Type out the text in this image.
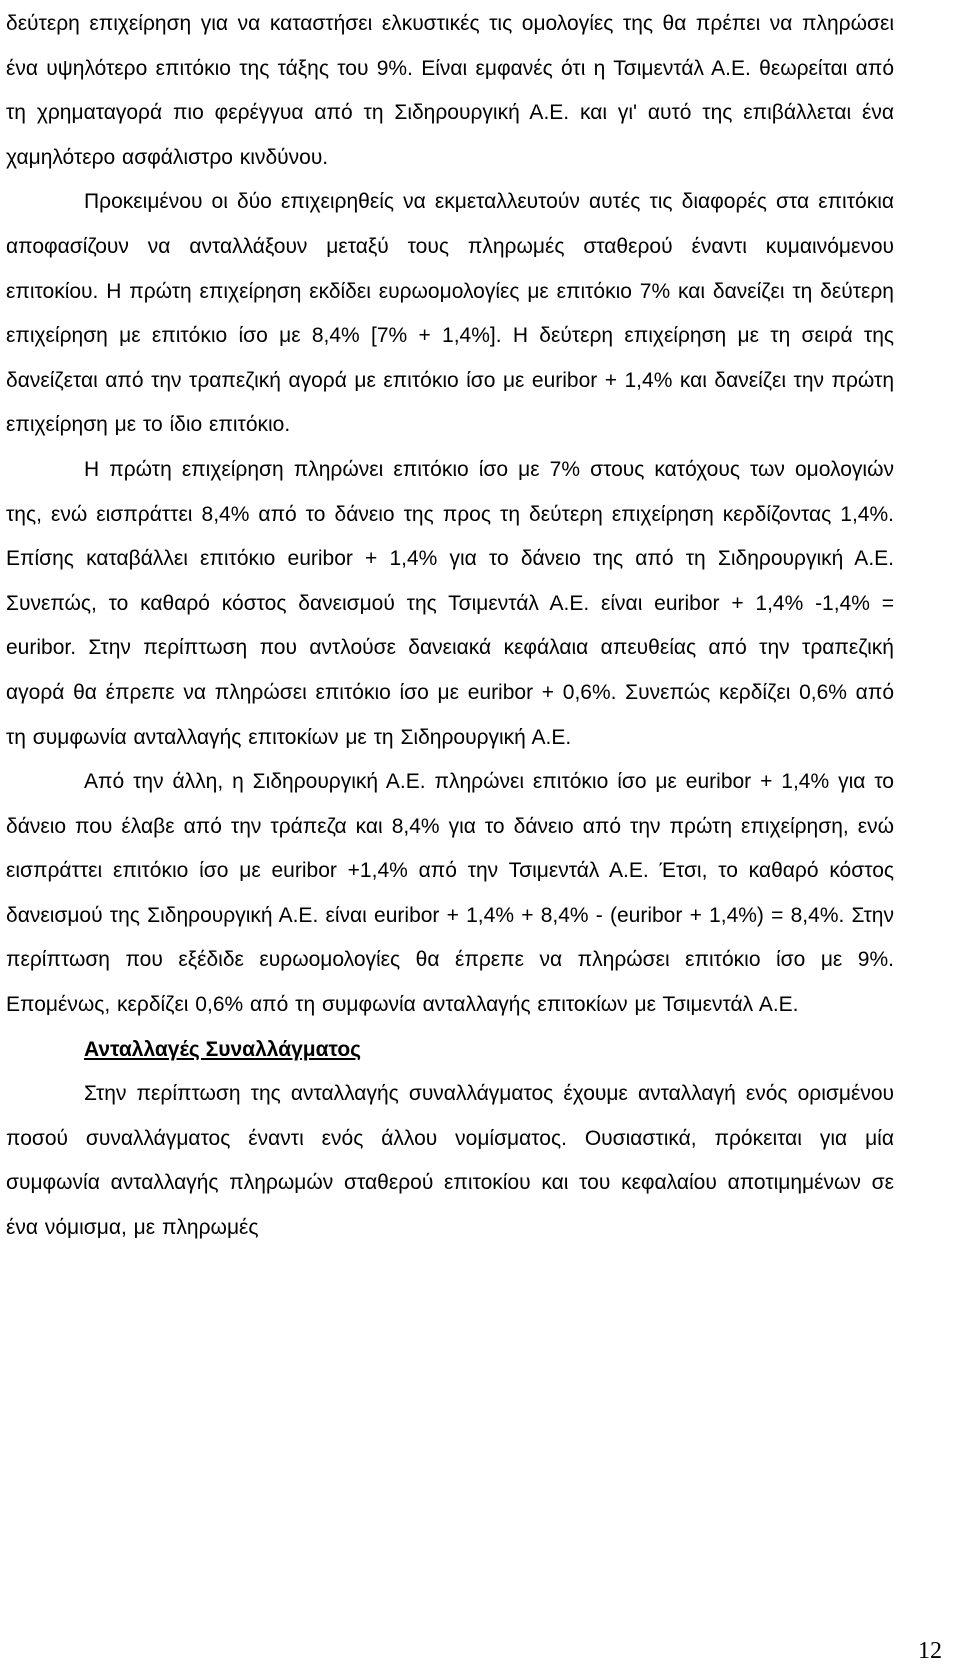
δεύτερη επιχείρηση για να καταστήσει ελκυστικές τις ομολογίες της θα πρέπει να πληρώσει ένα υψηλότερο επιτόκιο της τάξης του 9%. Είναι εμφανές ότι η Τσιμεντάλ Α.Ε. θεωρείται από τη χρηματαγορά πιο φερέγγυα από τη Σιδηρουργική Α.Ε. και γι' αυτό της επιβάλλεται ένα χαμηλότερο ασφάλιστρο κινδύνου.

Προκειμένου οι δύο επιχειρηθείς να εκμεταλλευτούν αυτές τις διαφορές στα επιτόκια αποφασίζουν να ανταλλάξουν μεταξύ τους πληρωμές σταθερού έναντι κυμαινόμενου επιτοκίου. Η πρώτη επιχείρηση εκδίδει ευρωομολογίες με επιτόκιο 7% και δανείζει τη δεύτερη επιχείρηση με επιτόκιο ίσο με 8,4% [7% + 1,4%]. Η δεύτερη επιχείρηση με τη σειρά της δανείζεται από την τραπεζική αγορά με επιτόκιο ίσο με euribor + 1,4% και δανείζει την πρώτη επιχείρηση με το ίδιο επιτόκιο.

Η πρώτη επιχείρηση πληρώνει επιτόκιο ίσο με 7% στους κατόχους των ομολογιών της, ενώ εισπράττει 8,4% από το δάνειο της προς τη δεύτερη επιχείρηση κερδίζοντας 1,4%. Επίσης καταβάλλει επιτόκιο euribor + 1,4% για το δάνειο της από τη Σιδηρουργική Α.Ε. Συνεπώς, το καθαρό κόστος δανεισμού της Τσιμεντάλ Α.Ε. είναι euribor + 1,4% -1,4% = euribor. Στην περίπτωση που αντλούσε δανειακά κεφάλαια απευθείας από την τραπεζική αγορά θα έπρεπε να πληρώσει επιτόκιο ίσο με euribor + 0,6%. Συνεπώς κερδίζει 0,6% από τη συμφωνία ανταλλαγής επιτοκίων με τη Σιδηρουργική Α.Ε.

Από την άλλη, η Σιδηρουργική Α.Ε. πληρώνει επιτόκιο ίσο με euribor + 1,4% για το δάνειο που έλαβε από την τράπεζα και 8,4% για το δάνειο από την πρώτη επιχείρηση, ενώ εισπράττει επιτόκιο ίσο με euribor +1,4% από την Τσιμεντάλ Α.Ε. Έτσι, το καθαρό κόστος δανεισμού της Σιδηρουργική Α.Ε. είναι euribor + 1,4% + 8,4% - (euribor + 1,4%) = 8,4%. Στην περίπτωση που εξέδιδε ευρωομολογίες θα έπρεπε να πληρώσει επιτόκιο ίσο με 9%. Επομένως, κερδίζει 0,6% από τη συμφωνία ανταλλαγής επιτοκίων με Τσιμεντάλ Α.Ε.

Ανταλλαγές Συναλλάγματος

Στην περίπτωση της ανταλλαγής συναλλάγματος έχουμε ανταλλαγή ενός ορισμένου ποσού συναλλάγματος έναντι ενός άλλου νομίσματος. Ουσιαστικά, πρόκειται για μία συμφωνία ανταλλαγής πληρωμών σταθερού επιτοκίου και του κεφαλαίου αποτιμημένων σε ένα νόμισμα, με πληρωμές

12
